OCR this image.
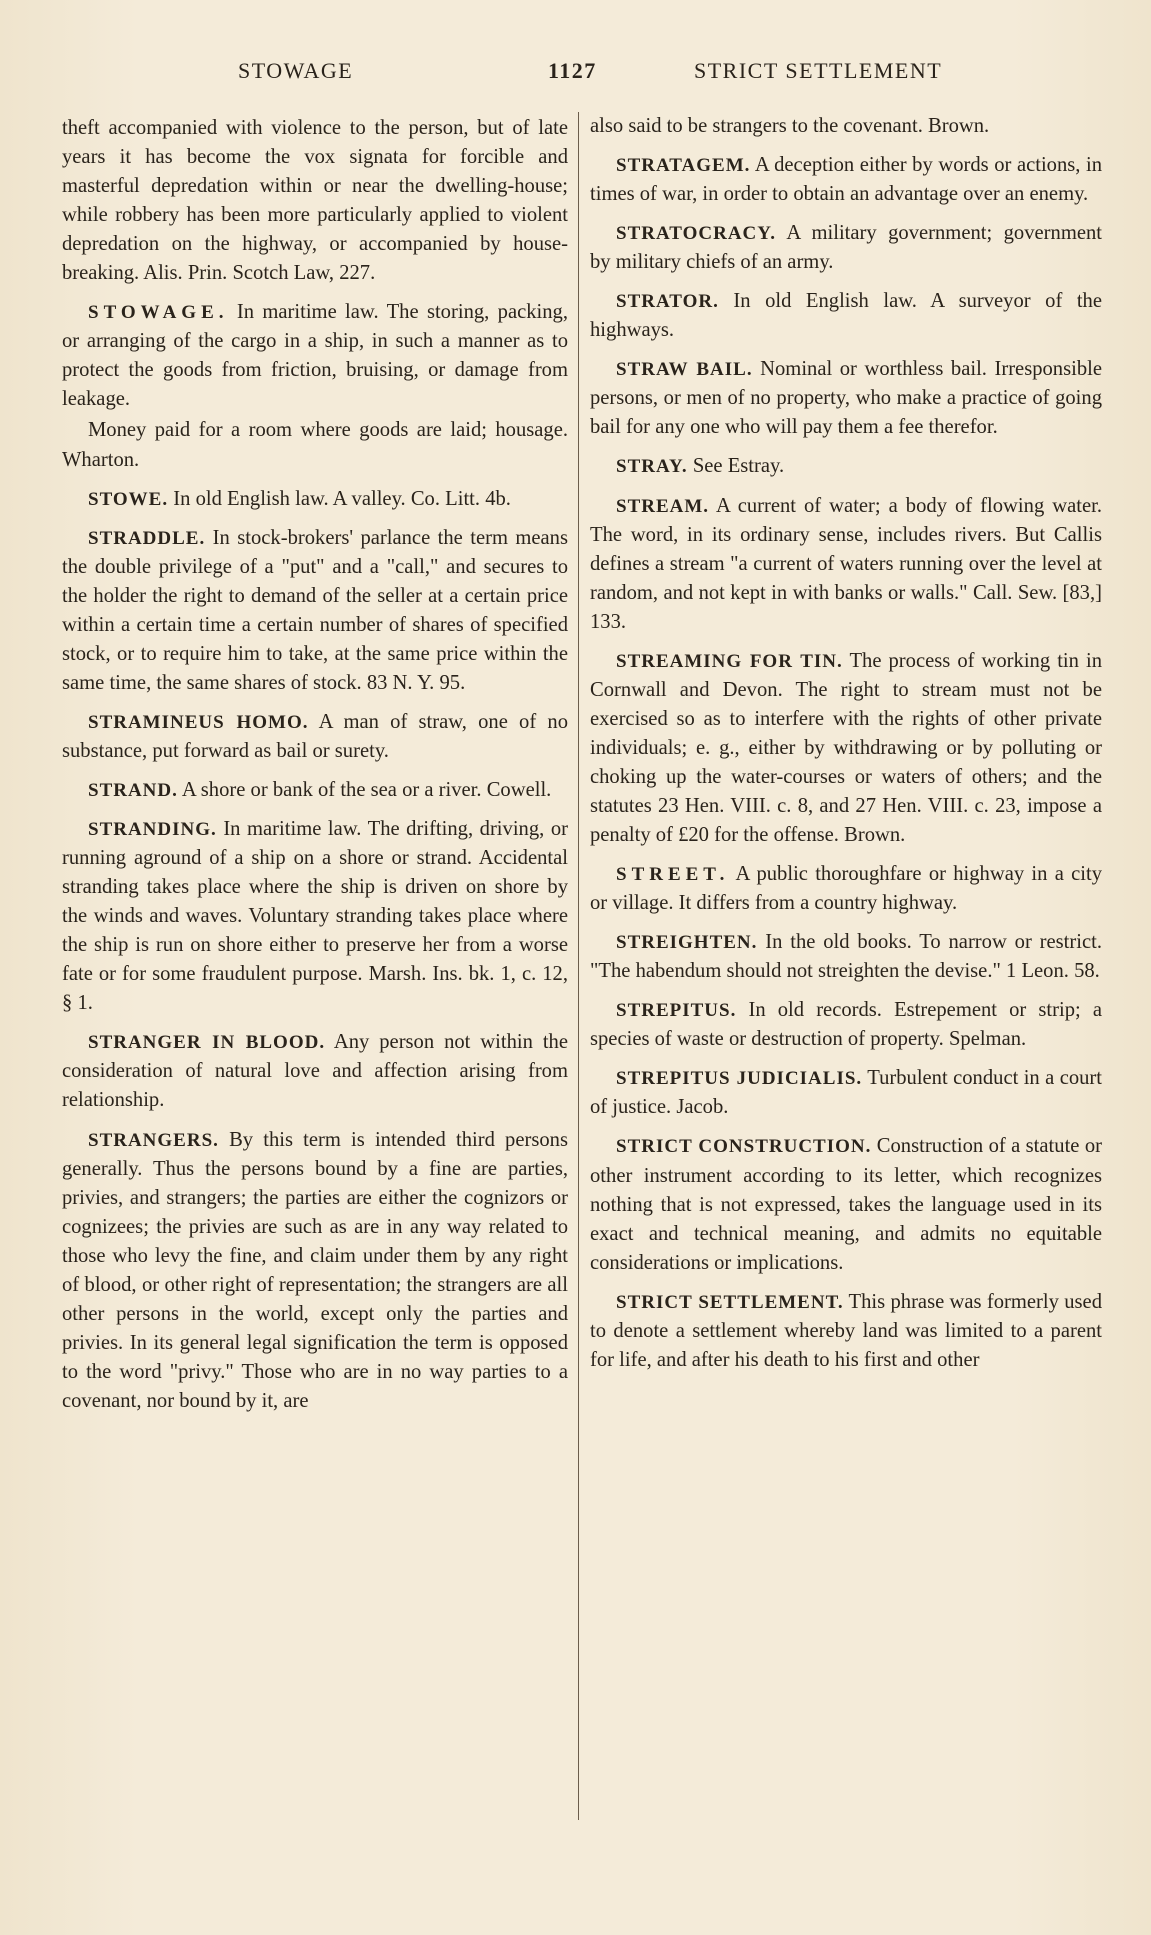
STOWAGE	1127	STRICT SETTLEMENT

theft accompanied with violence to the person, but of late years it has become the vox signata for forcible and masterful depredation within or near the dwelling-house; while robbery has been more particularly applied to violent depredation on the highway, or accompanied by house-breaking. Alis. Prin. Scotch Law, 227.

STOWAGE. In maritime law. The storing, packing, or arranging of the cargo in a ship, in such a manner as to protect the goods from friction, bruising, or damage from leakage.

Money paid for a room where goods are laid; housage. Wharton.

STOWE. In old English law. A valley. Co. Litt. 4b.

STRADDLE. In stock-brokers' parlance the term means the double privilege of a "put" and a "call," and secures to the holder the right to demand of the seller at a certain price within a certain time a certain number of shares of specified stock, or to require him to take, at the same price within the same time, the same shares of stock. 83 N. Y. 95.

STRAMINEUS HOMO. A man of straw, one of no substance, put forward as bail or surety.

STRAND. A shore or bank of the sea or a river. Cowell.

STRANDING. In maritime law. The drifting, driving, or running aground of a ship on a shore or strand. Accidental stranding takes place where the ship is driven on shore by the winds and waves. Voluntary stranding takes place where the ship is run on shore either to preserve her from a worse fate or for some fraudulent purpose. Marsh. Ins. bk. 1, c. 12, § 1.

STRANGER IN BLOOD. Any person not within the consideration of natural love and affection arising from relationship.

STRANGERS. By this term is intended third persons generally. Thus the persons bound by a fine are parties, privies, and strangers; the parties are either the cognizors or cognizees; the privies are such as are in any way related to those who levy the fine, and claim under them by any right of blood, or other right of representation; the strangers are all other persons in the world, except only the parties and privies. In its general legal signification the term is opposed to the word "privy." Those who are in no way parties to a covenant, nor bound by it, are

also said to be strangers to the covenant. Brown.

STRATAGEM. A deception either by words or actions, in times of war, in order to obtain an advantage over an enemy.

STRATOCRACY. A military government; government by military chiefs of an army.

STRATOR. In old English law. A surveyor of the highways.

STRAW BAIL. Nominal or worthless bail. Irresponsible persons, or men of no property, who make a practice of going bail for any one who will pay them a fee therefor.

STRAY. See Estray.

STREAM. A current of water; a body of flowing water. The word, in its ordinary sense, includes rivers. But Callis defines a stream "a current of waters running over the level at random, and not kept in with banks or walls." Call. Sew. [83,] 133.

STREAMING FOR TIN. The process of working tin in Cornwall and Devon. The right to stream must not be exercised so as to interfere with the rights of other private individuals; e. g., either by withdrawing or by polluting or choking up the water-courses or waters of others; and the statutes 23 Hen. VIII. c. 8, and 27 Hen. VIII. c. 23, impose a penalty of £20 for the offense. Brown.

STREET. A public thoroughfare or highway in a city or village. It differs from a country highway.

STREIGHTEN. In the old books. To narrow or restrict. "The habendum should not streighten the devise." 1 Leon. 58.

STREPITUS. In old records. Estrepement or strip; a species of waste or destruction of property. Spelman.

STREPITUS JUDICIALIS. Turbulent conduct in a court of justice. Jacob.

STRICT CONSTRUCTION. Construction of a statute or other instrument according to its letter, which recognizes nothing that is not expressed, takes the language used in its exact and technical meaning, and admits no equitable considerations or implications.

STRICT SETTLEMENT. This phrase was formerly used to denote a settlement whereby land was limited to a parent for life, and after his death to his first and other
